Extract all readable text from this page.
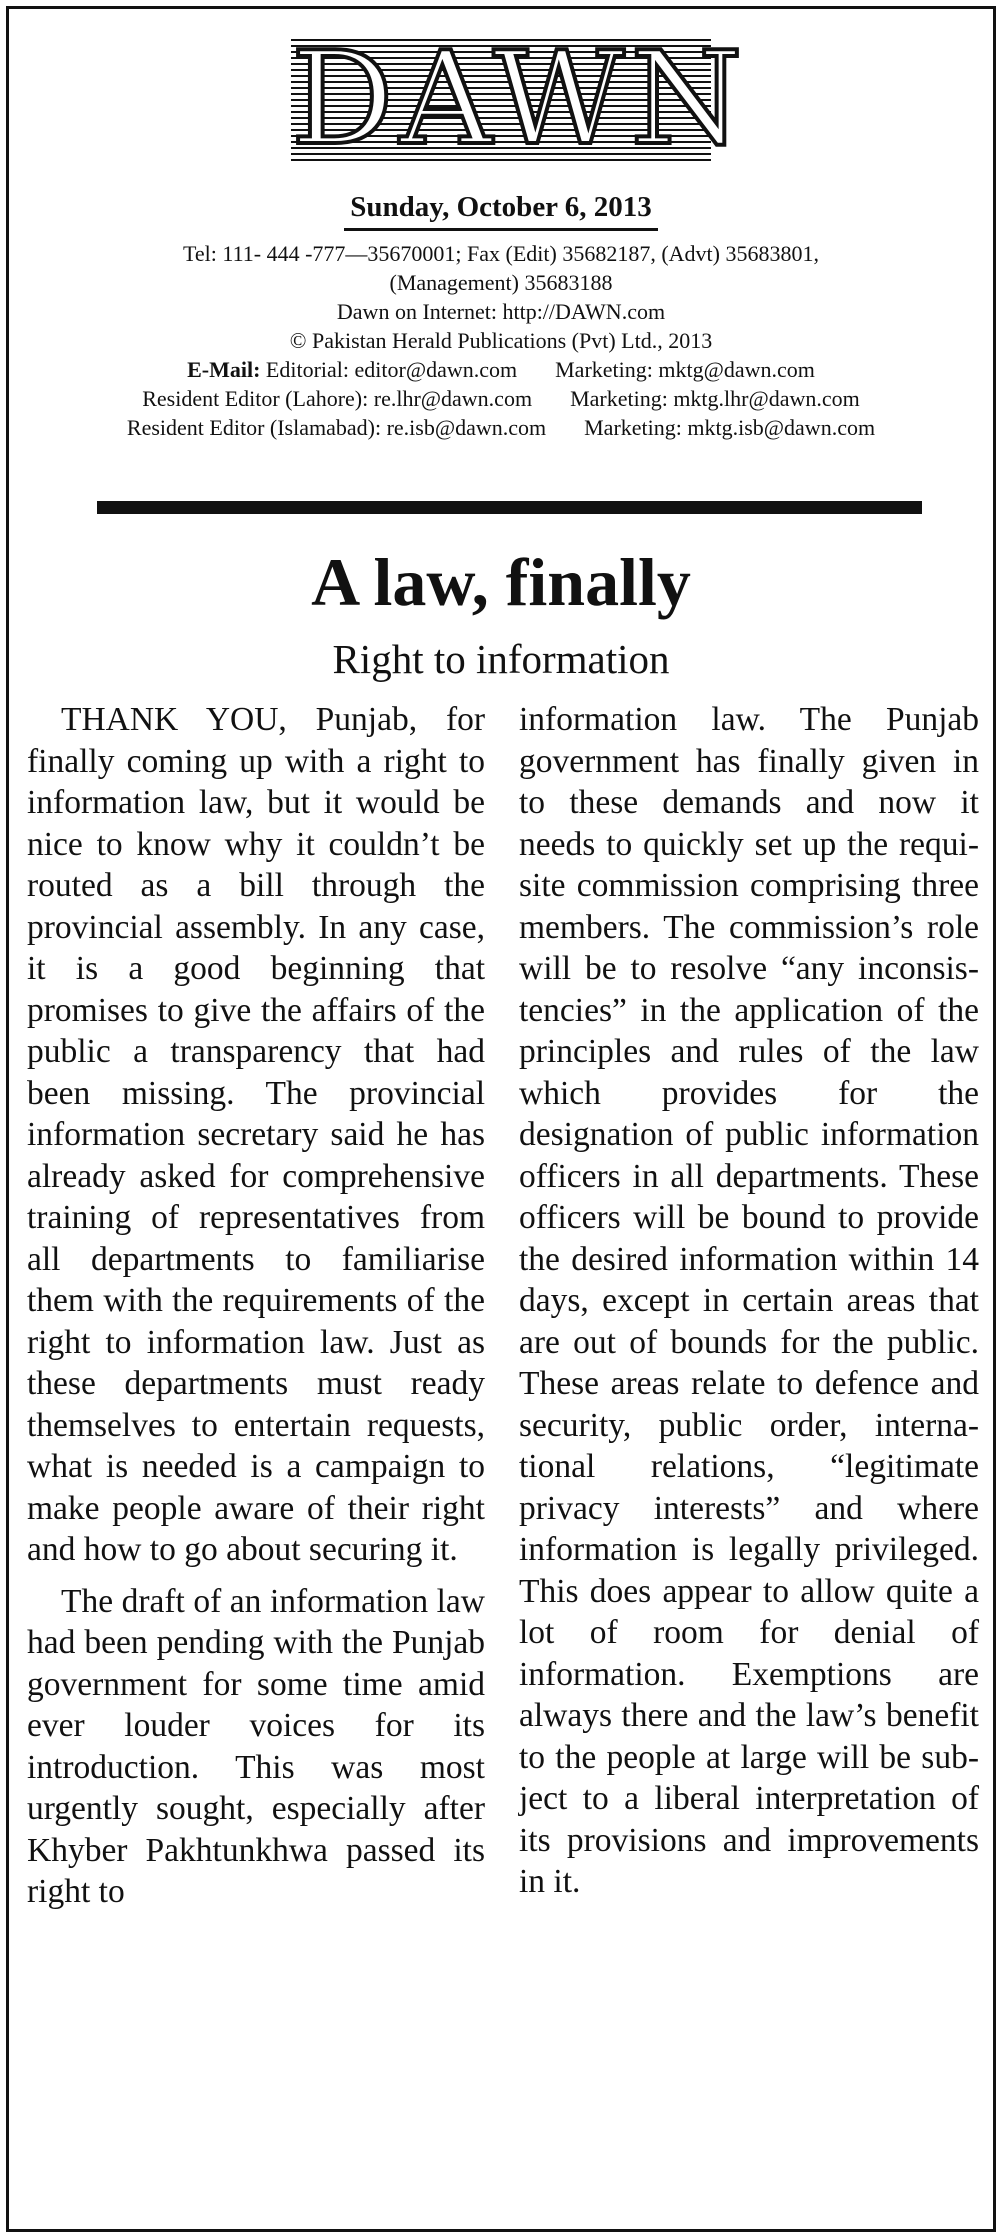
DAWN
Sunday, October 6, 2013
Tel: 111- 444 -777—35670001; Fax (Edit) 35682187, (Advt) 35683801,
(Management) 35683188
Dawn on Internet: http://DAWN.com
© Pakistan Herald Publications (Pvt) Ltd., 2013
E-Mail: Editorial: editor@dawn.com Marketing: mktg@dawn.com
Resident Editor (Lahore): re.lhr@dawn.com Marketing: mktg.lhr@dawn.com
Resident Editor (Islamabad): re.isb@dawn.com Marketing: mktg.isb@dawn.com
A law, finally
Right to information

THANK YOU, Punjab, for finally coming up with a right to information law, but it would be nice to know why it couldn’t be routed as a bill through the provincial assembly. In any case, it is a good beginning that promises to give the affairs of the public a transparency that had been missing. The provincial information secretary said he has already asked for comprehensive training of representatives from all departments to familiarise them with the requirements of the right to information law. Just as these departments must ready themselves to entertain requests, what is needed is a campaign to make people aware of their right and how to go about securing it.

The draft of an information law had been pending with the Punjab government for some time amid ever louder voices for its introduction. This was most urgently sought, especially after Khyber Pakhtunkhwa passed its right to

information law. The Punjab government has finally given in to these demands and now it needs to quickly set up the requisite commission comprising three members. The commission’s role will be to resolve “any inconsistencies” in the application of the principles and rules of the law which provides for the designation of public information officers in all departments. These officers will be bound to provide the desired information within 14 days, except in certain areas that are out of bounds for the public. These areas relate to defence and security, public order, international relations, “legitimate privacy interests” and where information is legally privileged. This does appear to allow quite a lot of room for denial of information. Exemptions are always there and the law’s benefit to the people at large will be subject to a liberal interpretation of its provisions and improvements in it.
